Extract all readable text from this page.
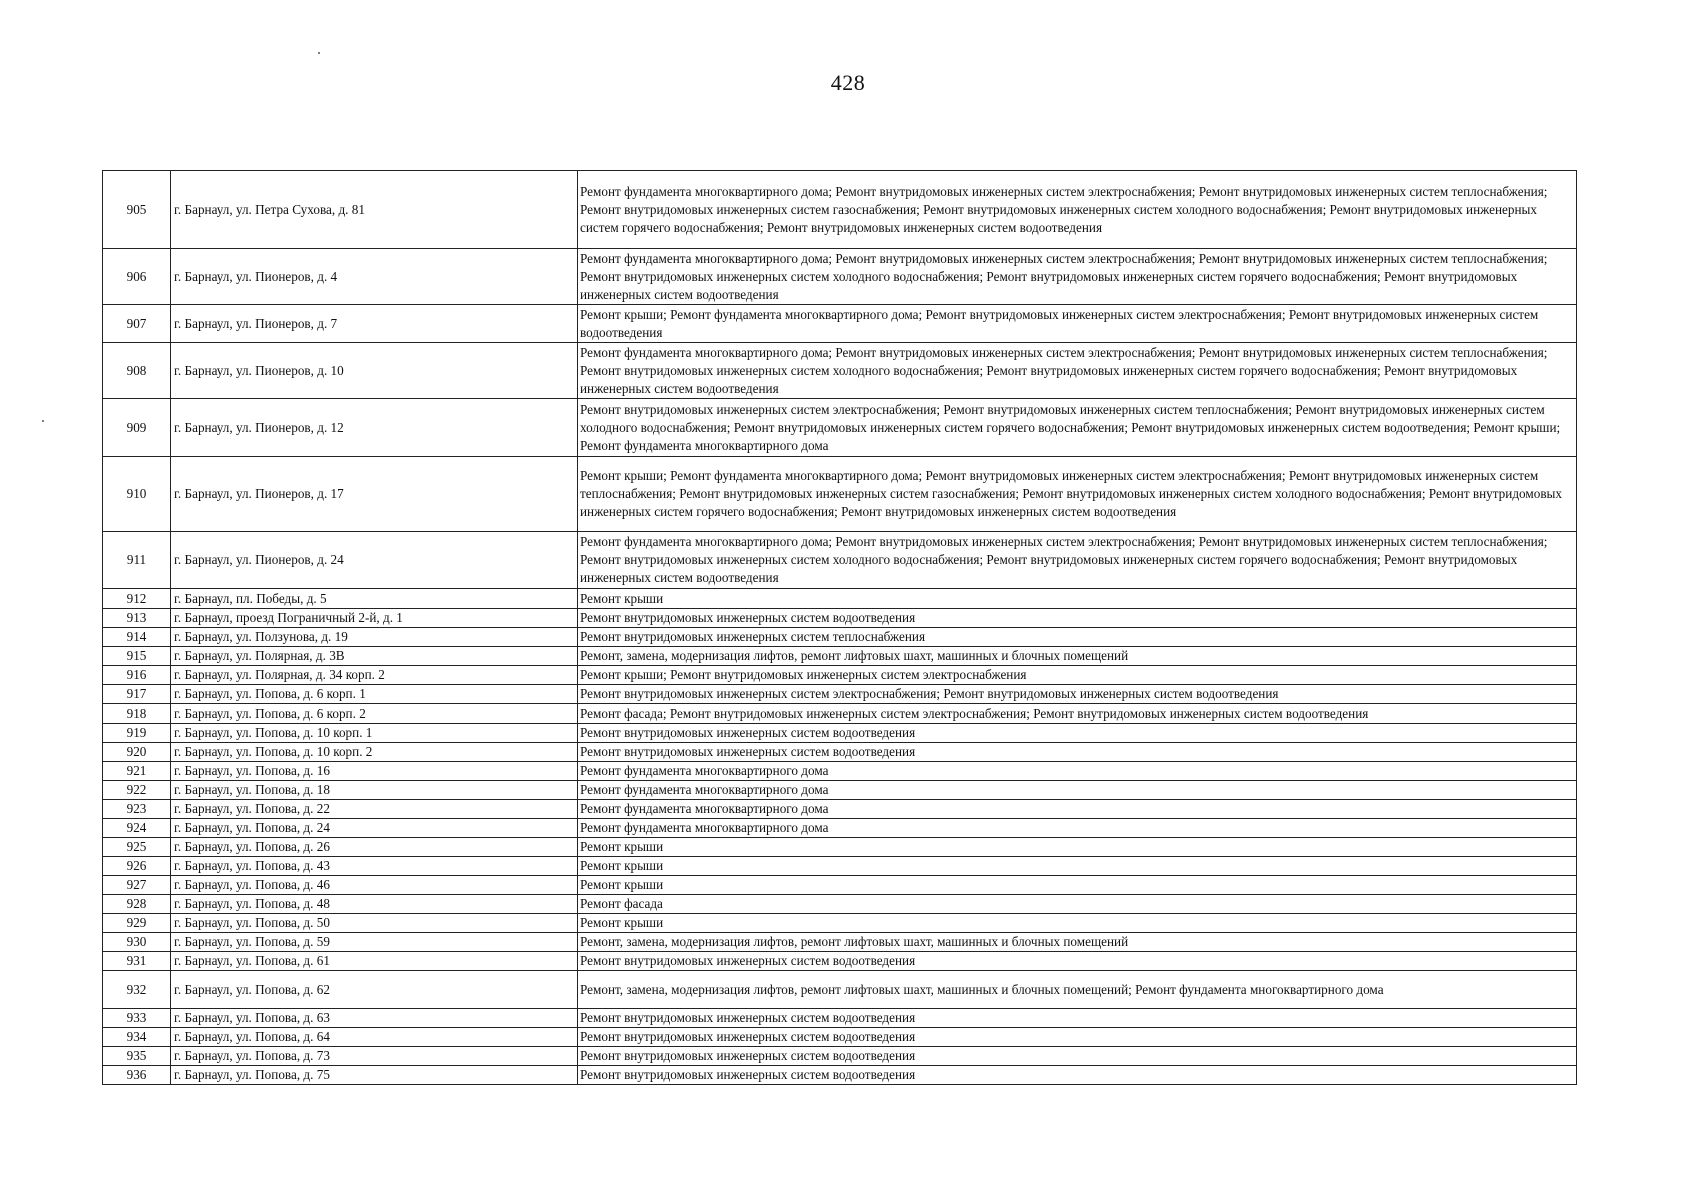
428
905	г. Барнаул, ул. Петра Сухова, д. 81	Ремонт фундамента многоквартирного дома; Ремонт внутридомовых инженерных систем электроснабжения; Ремонт внутридомовых инженерных систем теплоснабжения; Ремонт внутридомовых инженерных систем газоснабжения; Ремонт внутридомовых инженерных систем холодного водоснабжения; Ремонт внутридомовых инженерных систем горячего водоснабжения; Ремонт внутридомовых инженерных систем водоотведения
906	г. Барнаул, ул. Пионеров, д. 4	Ремонт фундамента многоквартирного дома; Ремонт внутридомовых инженерных систем электроснабжения; Ремонт внутридомовых инженерных систем теплоснабжения; Ремонт внутридомовых инженерных систем холодного водоснабжения; Ремонт внутридомовых инженерных систем горячего водоснабжения; Ремонт внутридомовых инженерных систем водоотведения
907	г. Барнаул, ул. Пионеров, д. 7	Ремонт крыши; Ремонт фундамента многоквартирного дома; Ремонт внутридомовых инженерных систем электроснабжения; Ремонт внутридомовых инженерных систем водоотведения
908	г. Барнаул, ул. Пионеров, д. 10	Ремонт фундамента многоквартирного дома; Ремонт внутридомовых инженерных систем электроснабжения; Ремонт внутридомовых инженерных систем теплоснабжения; Ремонт внутридомовых инженерных систем холодного водоснабжения; Ремонт внутридомовых инженерных систем горячего водоснабжения; Ремонт внутридомовых инженерных систем водоотведения
909	г. Барнаул, ул. Пионеров, д. 12	Ремонт внутридомовых инженерных систем электроснабжения; Ремонт внутридомовых инженерных систем теплоснабжения; Ремонт внутридомовых инженерных систем холодного водоснабжения; Ремонт внутридомовых инженерных систем горячего водоснабжения; Ремонт внутридомовых инженерных систем водоотведения; Ремонт крыши; Ремонт фундамента многоквартирного дома
910	г. Барнаул, ул. Пионеров, д. 17	Ремонт крыши; Ремонт фундамента многоквартирного дома; Ремонт внутридомовых инженерных систем электроснабжения; Ремонт внутридомовых инженерных систем теплоснабжения; Ремонт внутридомовых инженерных систем газоснабжения; Ремонт внутридомовых инженерных систем холодного водоснабжения; Ремонт внутридомовых инженерных систем горячего водоснабжения; Ремонт внутридомовых инженерных систем водоотведения
911	г. Барнаул, ул. Пионеров, д. 24	Ремонт фундамента многоквартирного дома; Ремонт внутридомовых инженерных систем электроснабжения; Ремонт внутридомовых инженерных систем теплоснабжения; Ремонт внутридомовых инженерных систем холодного водоснабжения; Ремонт внутридомовых инженерных систем горячего водоснабжения; Ремонт внутридомовых инженерных систем водоотведения
912	г. Барнаул, пл. Победы, д. 5	Ремонт крыши
913	г. Барнаул, проезд Пограничный 2-й, д. 1	Ремонт внутридомовых инженерных систем водоотведения
914	г. Барнаул, ул. Ползунова, д. 19	Ремонт внутридомовых инженерных систем теплоснабжения
915	г. Барнаул, ул. Полярная, д. 3В	Ремонт, замена, модернизация лифтов, ремонт лифтовых шахт, машинных и блочных помещений
916	г. Барнаул, ул. Полярная, д. 34 корп. 2	Ремонт крыши; Ремонт внутридомовых инженерных систем электроснабжения
917	г. Барнаул, ул. Попова, д. 6 корп. 1	Ремонт внутридомовых инженерных систем электроснабжения; Ремонт внутридомовых инженерных систем водоотведения
918	г. Барнаул, ул. Попова, д. 6 корп. 2	Ремонт фасада; Ремонт внутридомовых инженерных систем электроснабжения; Ремонт внутридомовых инженерных систем водоотведения
919	г. Барнаул, ул. Попова, д. 10 корп. 1	Ремонт внутридомовых инженерных систем водоотведения
920	г. Барнаул, ул. Попова, д. 10 корп. 2	Ремонт внутридомовых инженерных систем водоотведения
921	г. Барнаул, ул. Попова, д. 16	Ремонт фундамента многоквартирного дома
922	г. Барнаул, ул. Попова, д. 18	Ремонт фундамента многоквартирного дома
923	г. Барнаул, ул. Попова, д. 22	Ремонт фундамента многоквартирного дома
924	г. Барнаул, ул. Попова, д. 24	Ремонт фундамента многоквартирного дома
925	г. Барнаул, ул. Попова, д. 26	Ремонт крыши
926	г. Барнаул, ул. Попова, д. 43	Ремонт крыши
927	г. Барнаул, ул. Попова, д. 46	Ремонт крыши
928	г. Барнаул, ул. Попова, д. 48	Ремонт фасада
929	г. Барнаул, ул. Попова, д. 50	Ремонт крыши
930	г. Барнаул, ул. Попова, д. 59	Ремонт, замена, модернизация лифтов, ремонт лифтовых шахт, машинных и блочных помещений
931	г. Барнаул, ул. Попова, д. 61	Ремонт внутридомовых инженерных систем водоотведения
932	г. Барнаул, ул. Попова, д. 62	Ремонт, замена, модернизация лифтов, ремонт лифтовых шахт, машинных и блочных помещений; Ремонт фундамента многоквартирного дома
933	г. Барнаул, ул. Попова, д. 63	Ремонт внутридомовых инженерных систем водоотведения
934	г. Барнаул, ул. Попова, д. 64	Ремонт внутридомовых инженерных систем водоотведения
935	г. Барнаул, ул. Попова, д. 73	Ремонт внутридомовых инженерных систем водоотведения
936	г. Барнаул, ул. Попова, д. 75	Ремонт внутридомовых инженерных систем водоотведения
